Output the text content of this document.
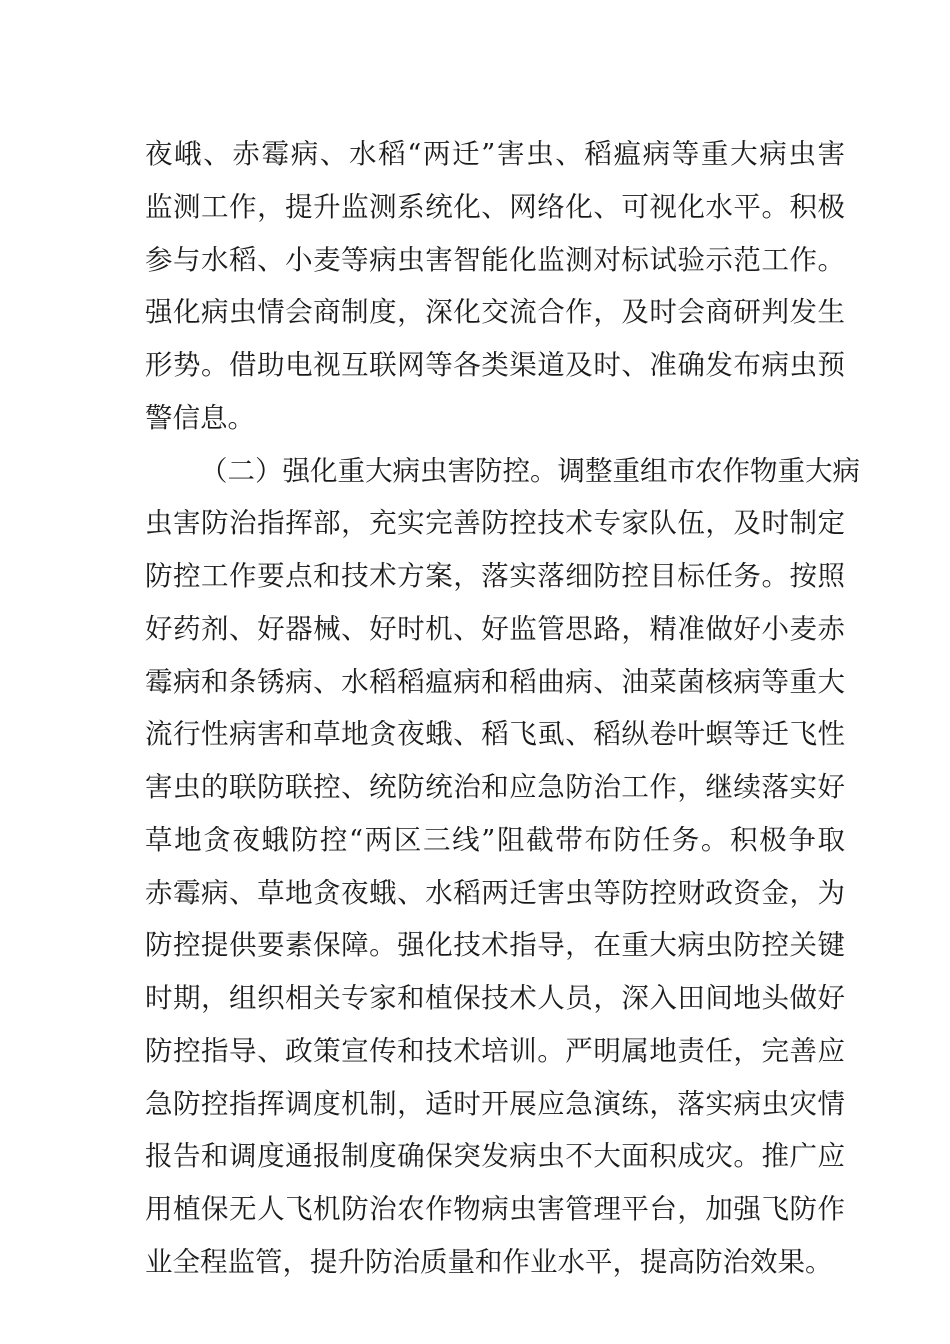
夜峨、赤霉病、水稻“两迁”害虫、稻瘟病等重大病虫害
监测工作，提升监测系统化、网络化、可视化水平。积极
参与水稻、小麦等病虫害智能化监测对标试验示范工作。
强化病虫情会商制度，深化交流合作，及时会商研判发生
形势。借助电视互联网等各类渠道及时、准确发布病虫预
警信息。
（二）强化重大病虫害防控。调整重组市农作物重大病
虫害防治指挥部，充实完善防控技术专家队伍，及时制定
防控工作要点和技术方案，落实落细防控目标任务。按照
好药剂、好器械、好时机、好监管思路，精准做好小麦赤
霉病和条锈病、水稻稻瘟病和稻曲病、油菜菌核病等重大
流行性病害和草地贪夜蛾、稻飞虱、稻纵卷叶螟等迁飞性
害虫的联防联控、统防统治和应急防治工作，继续落实好
草地贪夜蛾防控“两区三线”阻截带布防任务。积极争取
赤霉病、草地贪夜蛾、水稻两迁害虫等防控财政资金，为
防控提供要素保障。强化技术指导，在重大病虫防控关键
时期，组织相关专家和植保技术人员，深入田间地头做好
防控指导、政策宣传和技术培训。严明属地责任，完善应
急防控指挥调度机制，适时开展应急演练，落实病虫灾情
报告和调度通报制度确保突发病虫不大面积成灾。推广应
用植保无人飞机防治农作物病虫害管理平台，加强飞防作
业全程监管，提升防治质量和作业水平，提高防治效果。
